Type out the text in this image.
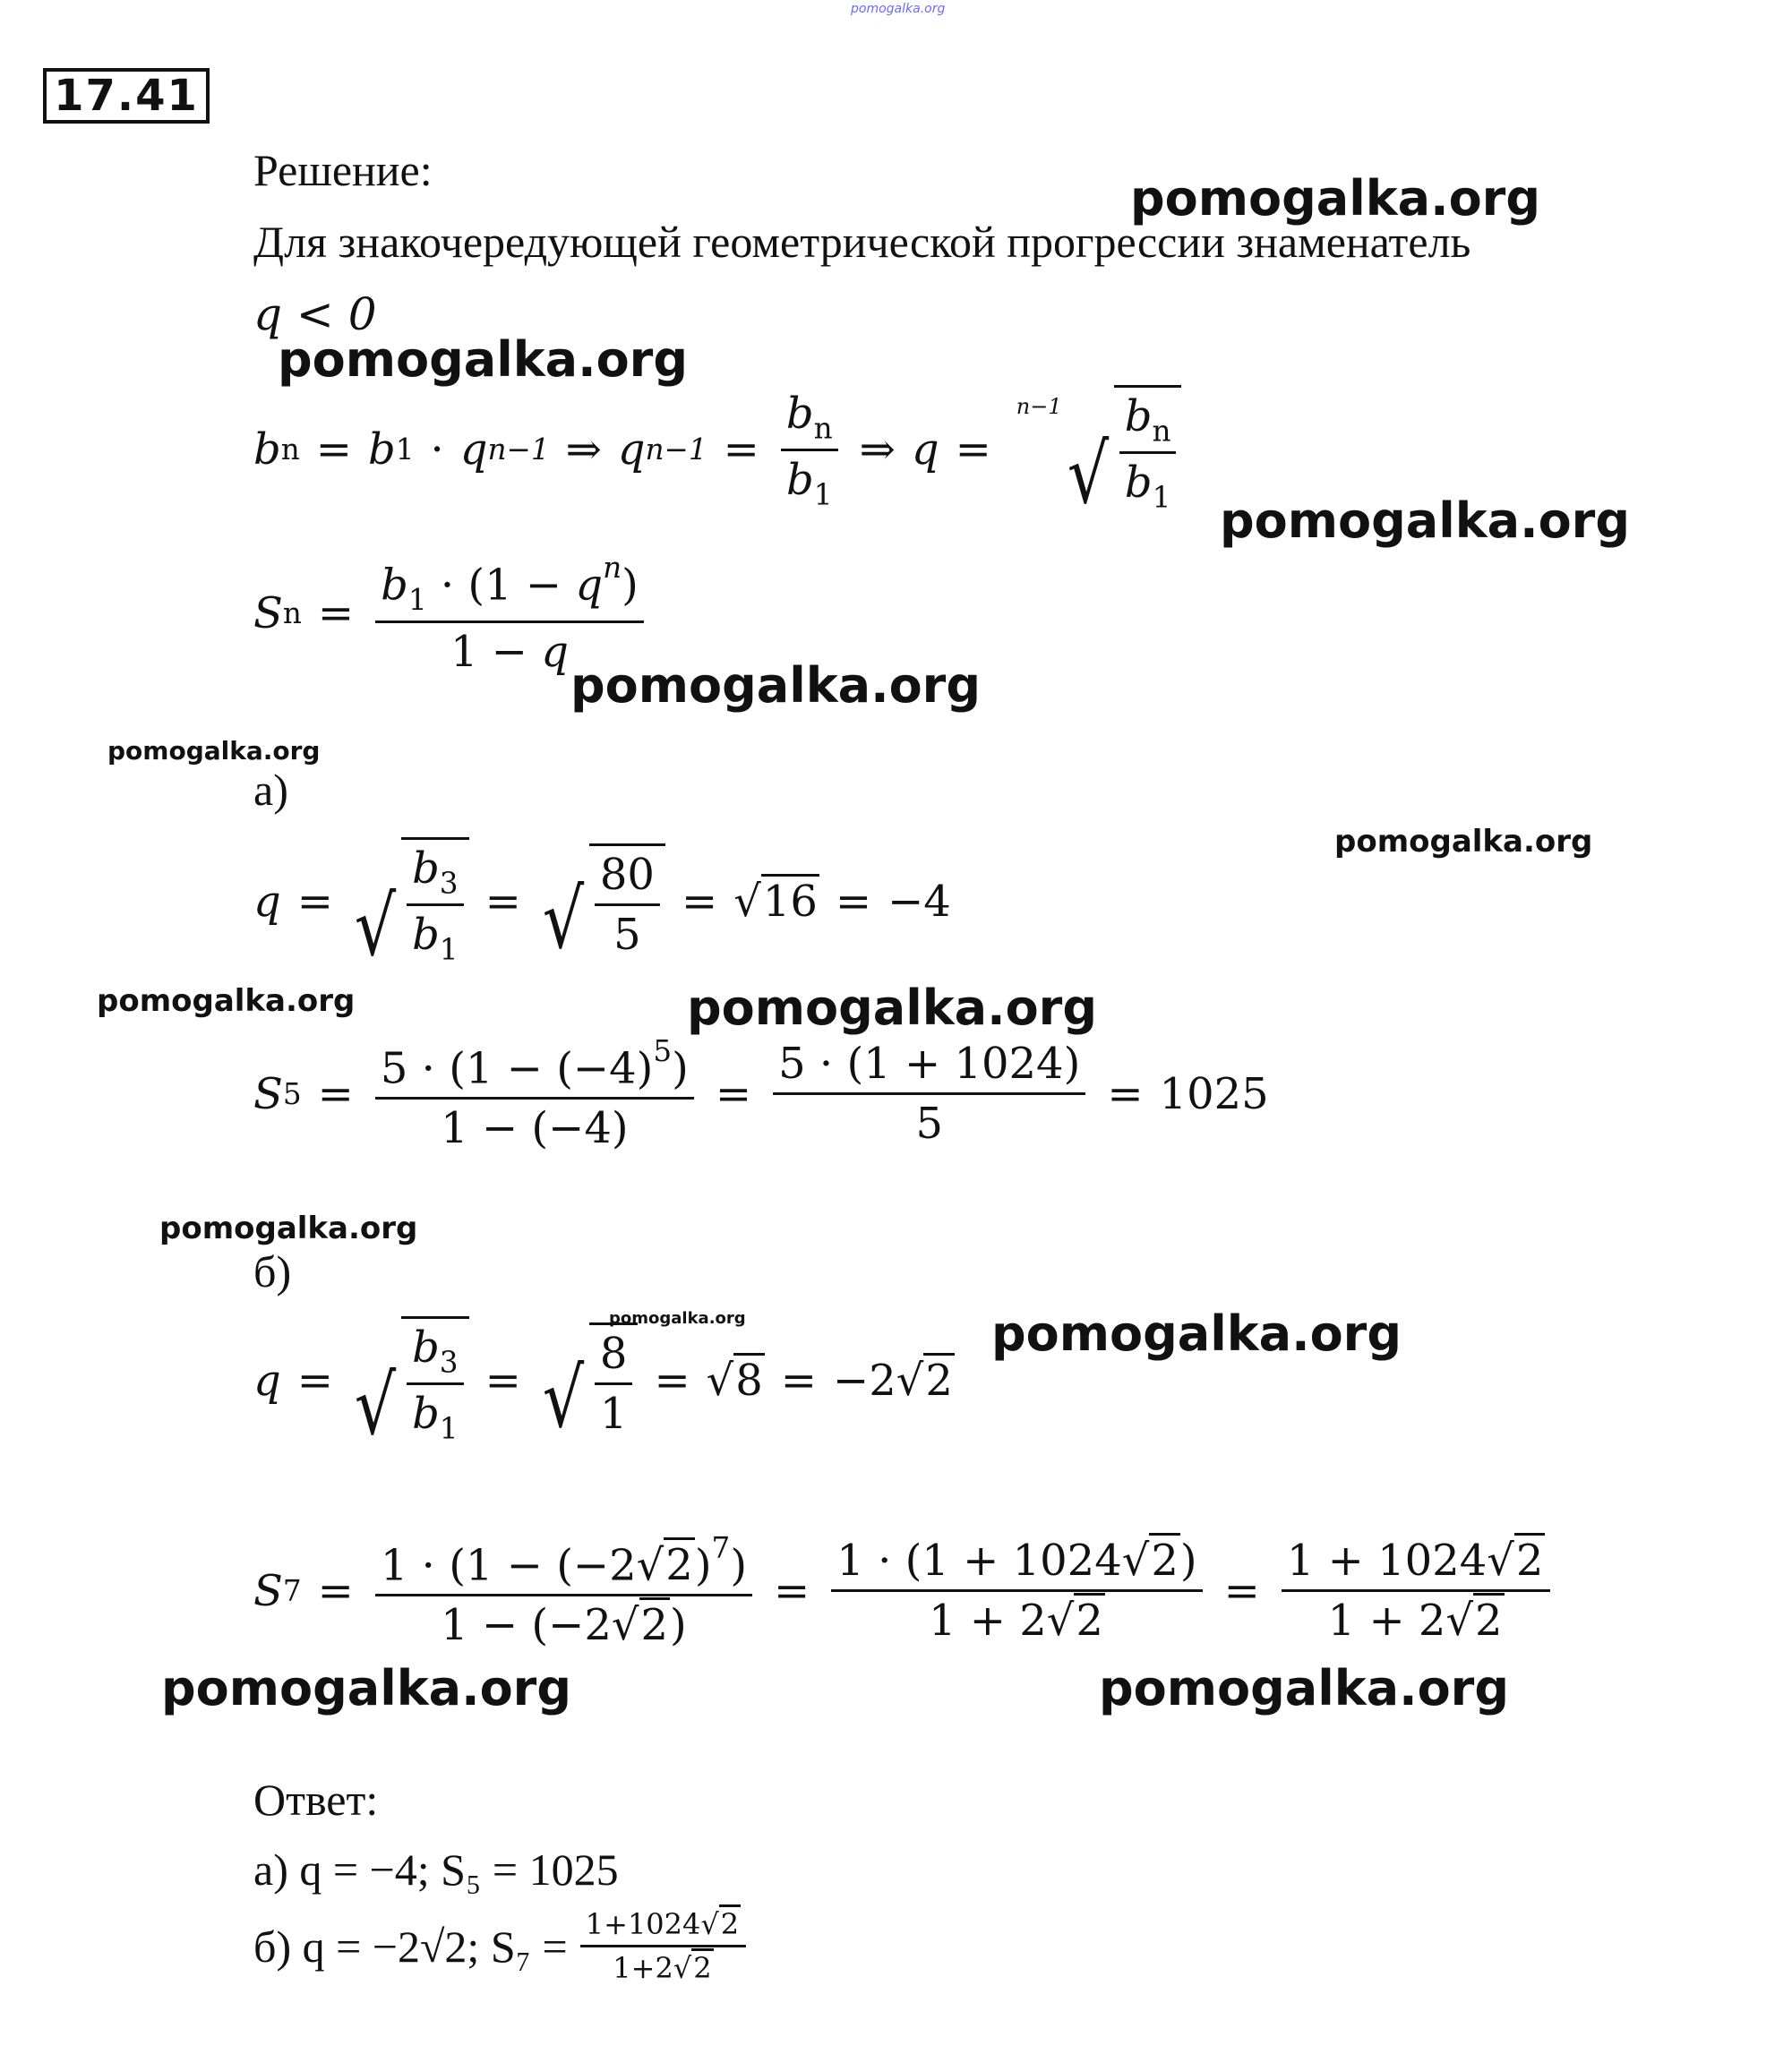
pomogalka.org
17.41
Решение:
Для знакочередующей геометрической прогрессии знаменатель
q < 0
b n = b 1 · q n−1 ⇒ q $n-1 = \frac{b_n}{b_1}$ ⇒ q =
n−1
√ $\frac{b_n}{b_1}$
S $n = \frac{b_1 \cdot (1 - q^n)}{1 - q}$
а)
q = √ $\frac{b_3}{b_1}$ = √ $\frac{80}{5} = √16 = -4$
S $5 = \frac{5 \cdot (1 - (-4)^5)}{1 - (-4)} = \frac{5 \cdot (1 + 1024)}{5} = 1025$
б)
q = √ $\frac{b_3}{b_1}$ = √ $\frac{8}{1} = √8 = -2√2$
S $7 = \frac{1 \cdot (1 - (-2√2)^7)}{1 - (-2√2)} = \frac{1 \cdot (1 + 1024√2)}{1 + 2√2} = \frac{1 + 1024√2}{1 + 2√2}$
Ответ:
а) q = −4; S₅ = 1025
б) q = −2√2; $S_7 = \frac{1+1024√2}{1+2√2}$
pomogalka.org
pomogalka.org
pomogalka.org
pomogalka.org
pomogalka.org
pomogalka.org
pomogalka.org	pomogalka.org
pomogalka.org
pomogalka.org	pomogalka.org
pomogalka.org	pomogalka.org
